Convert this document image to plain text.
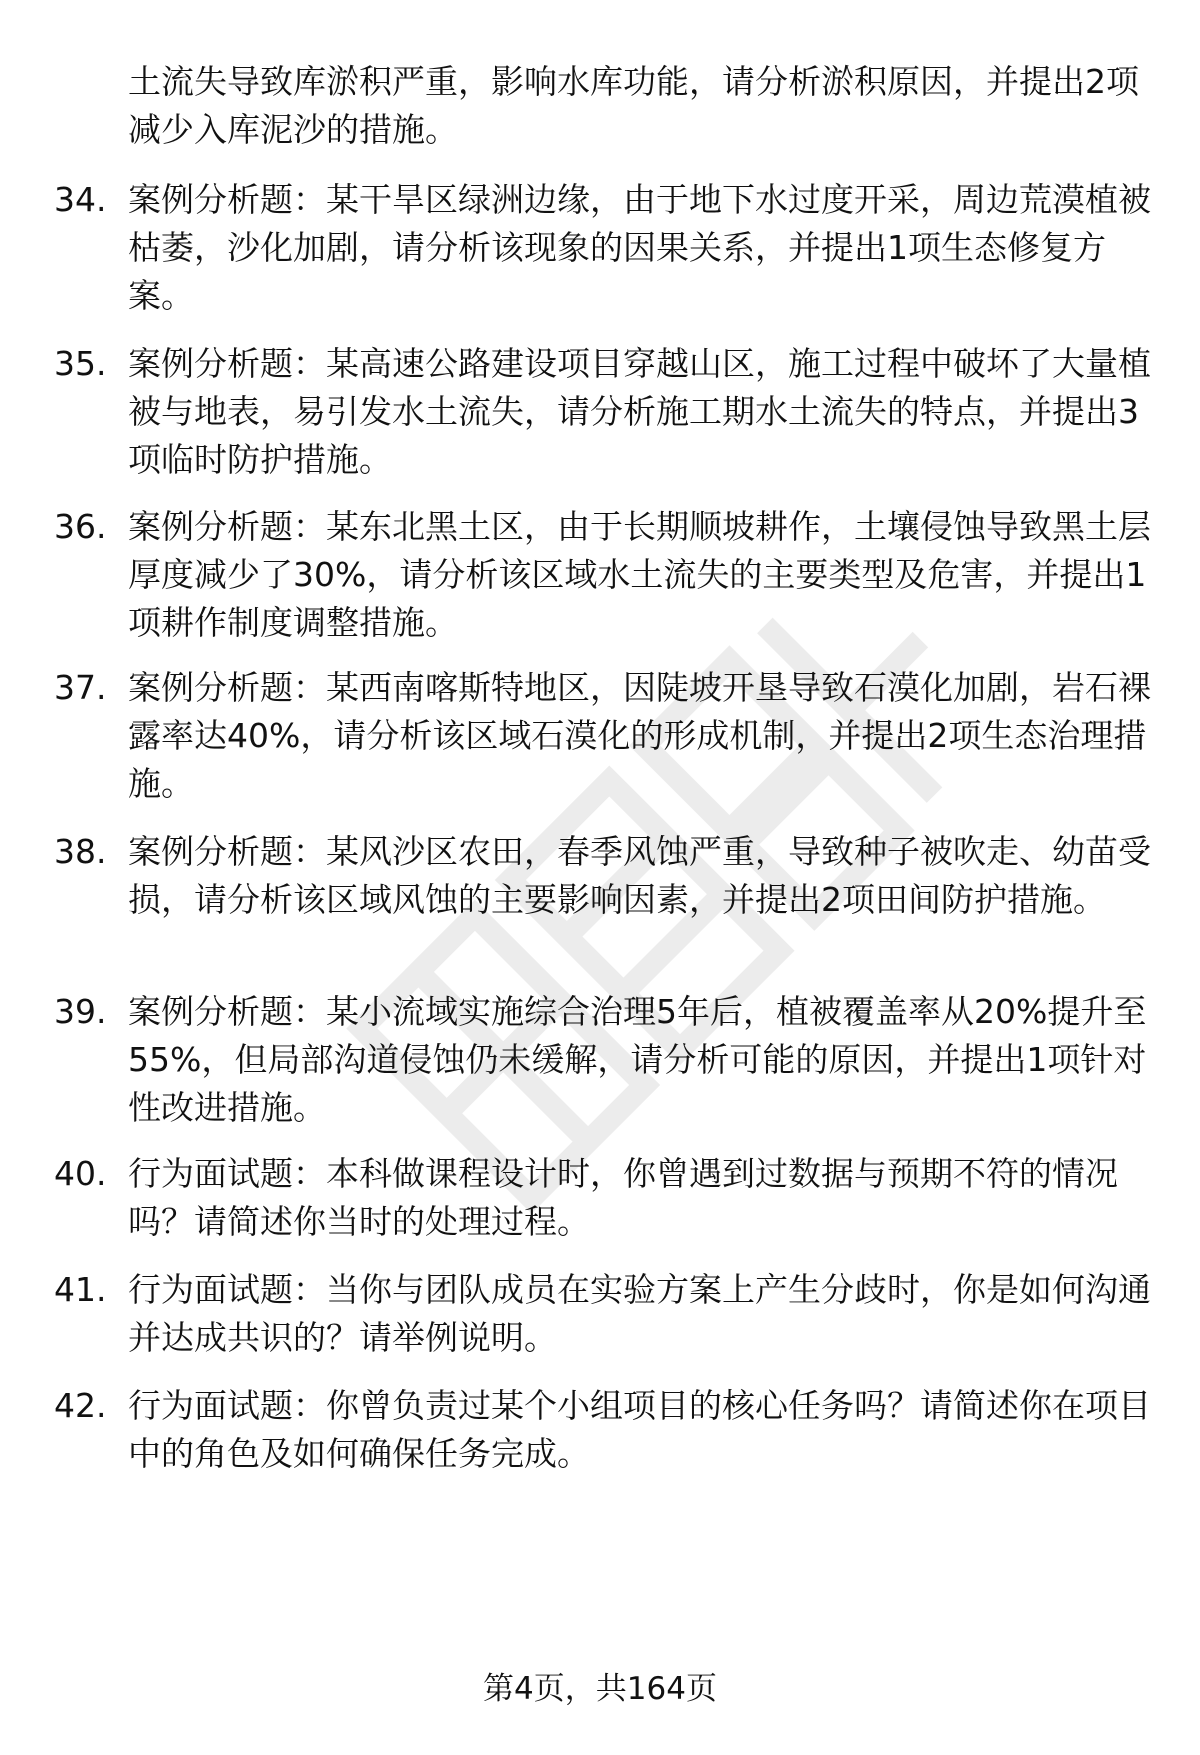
土流失导致库淤积严重，影响水库功能，请分析淤积原因，并提出2项减少入库泥沙的措施。
34. 案例分析题：某干旱区绿洲边缘，由于地下水过度开采，周边荒漠植被枯萎，沙化加剧，请分析该现象的因果关系，并提出1项生态修复方案。
35. 案例分析题：某高速公路建设项目穿越山区，施工过程中破坏了大量植被与地表，易引发水土流失，请分析施工期水土流失的特点，并提出3项临时防护措施。
36. 案例分析题：某东北黑土区，由于长期顺坡耕作，土壤侵蚀导致黑土层厚度减少了30%，请分析该区域水土流失的主要类型及危害，并提出1项耕作制度调整措施。
37. 案例分析题：某西南喀斯特地区，因陡坡开垦导致石漠化加剧，岩石裸露率达40%，请分析该区域石漠化的形成机制，并提出2项生态治理措施。
38. 案例分析题：某风沙区农田，春季风蚀严重，导致种子被吹走、幼苗受损，请分析该区域风蚀的主要影响因素，并提出2项田间防护措施。
39. 案例分析题：某小流域实施综合治理5年后，植被覆盖率从20%提升至55%，但局部沟道侵蚀仍未缓解，请分析可能的原因，并提出1项针对性改进措施。
40. 行为面试题：本科做课程设计时，你曾遇到过数据与预期不符的情况吗？请简述你当时的处理过程。
41. 行为面试题：当你与团队成员在实验方案上产生分歧时，你是如何沟通并达成共识的？请举例说明。
42. 行为面试题：你曾负责过某个小组项目的核心任务吗？请简述你在项目中的角色及如何确保任务完成。
第4页，共164页
